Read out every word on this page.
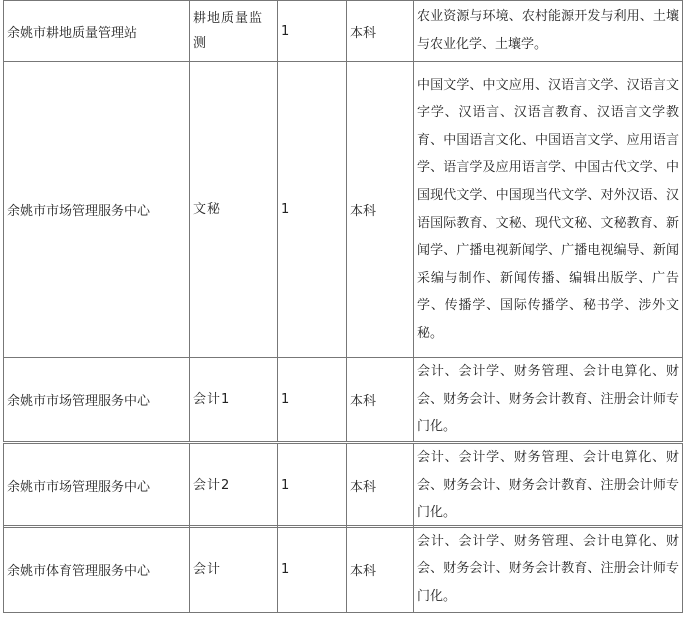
余姚市耕地质量管理站	耕地质量监测	1	本科	农业资源与环境、农村能源开发与利用、土壤与农业化学、土壤学。
余姚市市场管理服务中心	文秘	1	本科	中国文学、中文应用、汉语言文学、汉语言文字学、汉语言、汉语言教育、汉语言文学教育、中国语言文化、中国语言文学、应用语言学、语言学及应用语言学、中国古代文学、中国现代文学、中国现当代文学、对外汉语、汉语国际教育、文秘、现代文秘、文秘教育、新闻学、广播电视新闻学、广播电视编导、新闻采编与制作、新闻传播、编辑出版学、广告学、传播学、国际传播学、秘书学、涉外文秘。
余姚市市场管理服务中心	会计1	1	本科	会计、会计学、财务管理、会计电算化、财会、财务会计、财务会计教育、注册会计师专门化。
余姚市市场管理服务中心	会计2	1	本科	会计、会计学、财务管理、会计电算化、财会、财务会计、财务会计教育、注册会计师专门化。
余姚市体育管理服务中心	会计	1	本科	会计、会计学、财务管理、会计电算化、财会、财务会计、财务会计教育、注册会计师专门化。
